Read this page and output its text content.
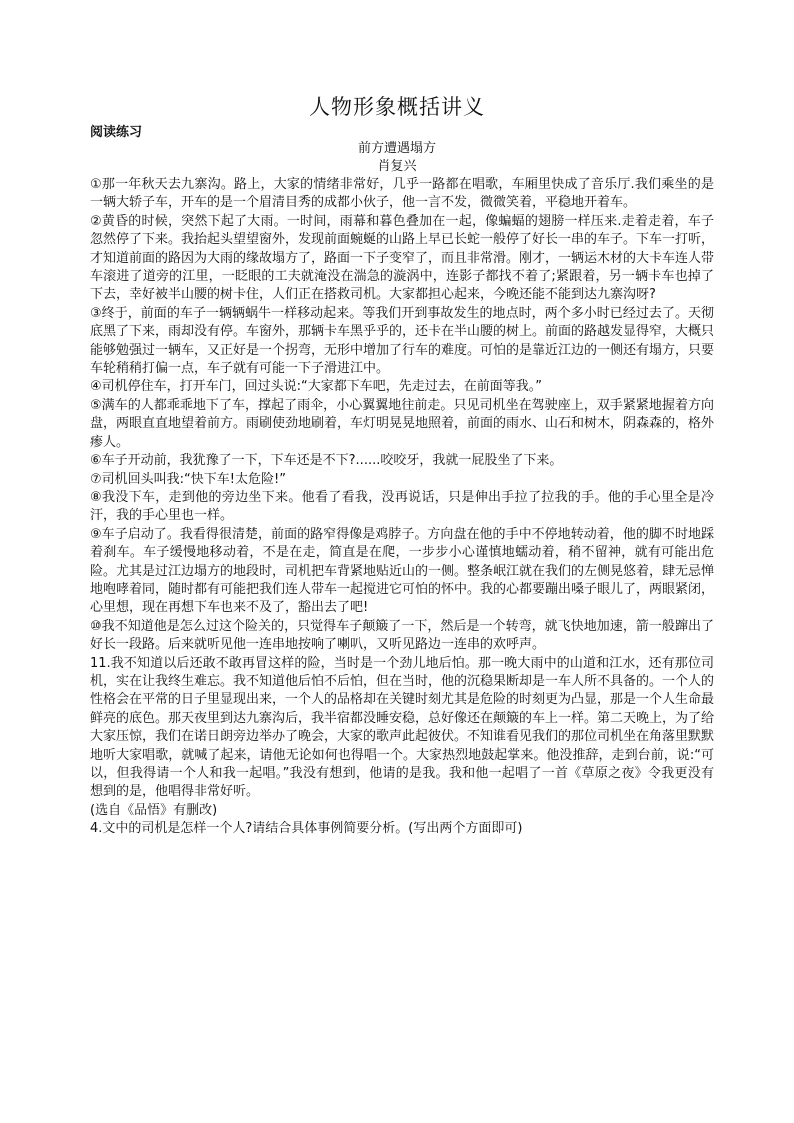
人物形象概括讲义
阅读练习
前方遭遇塌方
肖复兴

①那一年秋天去九寨沟。路上，大家的情绪非常好，几乎一路都在唱歌，车厢里快成了音乐厅.我们乘坐的是一辆大轿子车，开车的是一个眉清目秀的成都小伙子，他一言不发，微微笑着，平稳地开着车。

②黄昏的时候，突然下起了大雨。一时间，雨幕和暮色叠加在一起，像蝙蝠的翅膀一样压来.走着走着，车子忽然停了下来。我抬起头望望窗外，发现前面蜿蜒的山路上早已长蛇一般停了好长一串的车子。下车一打听，才知道前面的路因为大雨的缘故塌方了，路面一下子变窄了，而且非常滑。刚才，一辆运木材的大卡车连人带车滚进了道旁的江里，一眨眼的工夫就淹没在湍急的漩涡中，连影子都找不着了;紧跟着，另一辆卡车也掉了下去，幸好被半山腰的树卡住，人们正在搭救司机。大家都担心起来，今晚还能不能到达九寨沟呀?

③终于，前面的车子一辆辆蜗牛一样移动起来。等我们开到事故发生的地点时，两个多小时已经过去了。天彻底黑了下来，雨却没有停。车窗外，那辆卡车黑乎乎的，还卡在半山腰的树上。前面的路越发显得窄，大概只能够勉强过一辆车，又正好是一个拐弯，无形中增加了行车的难度。可怕的是靠近江边的一侧还有塌方，只要车轮稍稍打偏一点，车子就有可能一下子滑进江中。

④司机停住车，打开车门，回过头说:“大家都下车吧，先走过去，在前面等我。”

⑤满车的人都乖乖地下了车，撑起了雨伞，小心翼翼地往前走。只见司机坐在驾驶座上，双手紧紧地握着方向盘，两眼直直地望着前方。雨刷使劲地刷着，车灯明晃晃地照着，前面的雨水、山石和树木，阴森森的，格外瘆人。

⑥车子开动前，我犹豫了一下，下车还是不下?......咬咬牙，我就一屁股坐了下来。

⑦司机回头叫我:“快下车!太危险!”

⑧我没下车，走到他的旁边坐下来。他看了看我，没再说话，只是伸出手拉了拉我的手。他的手心里全是冷汗，我的手心里也一样。

⑨车子启动了。我看得很清楚，前面的路窄得像是鸡脖子。方向盘在他的手中不停地转动着，他的脚不时地踩着刹车。车子缓慢地移动着，不是在走，简直是在爬，一步步小心谨慎地蠕动着，稍不留神，就有可能出危险。尤其是过江边塌方的地段时，司机把车背紧地贴近山的一侧。整条岷江就在我们的左侧晃悠着，肆无忌惮地咆哮着同，随时都有可能把我们连人带车一起搅进它可怕的怀中。我的心都要蹦出嗓子眼儿了，两眼紧闭，心里想，现在再想下车也来不及了，豁出去了吧!

⑩我不知道他是怎么过这个险关的，只觉得车子颠簸了一下，然后是一个转弯，就飞快地加速，箭一般蹿出了好长一段路。后来就听见他一连串地按响了喇叭，又听见路边一连串的欢呼声。

11.我不知道以后还敢不敢再冒这样的险，当时是一个劲儿地后怕。那一晚大雨中的山道和江水，还有那位司机，实在让我终生难忘。我不知道他后怕不后怕，但在当时，他的沉稳果断却是一车人所不具备的。一个人的性格会在平常的日子里显现出来，一个人的品格却在关键时刻尤其是危险的时刻更为凸显，那是一个人生命最鲜亮的底色。那天夜里到达九寨沟后，我半宿都没睡安稳，总好像还在颠簸的车上一样。第二天晚上，为了给大家压惊，我们在诺日朗旁边举办了晚会，大家的歌声此起彼伏。不知谁看见我们的那位司机坐在角落里默默地听大家唱歌，就喊了起来，请他无论如何也得唱一个。大家热烈地鼓起掌来。他没推辞，走到台前，说:“可以，但我得请一个人和我一起唱。”我没有想到，他请的是我。我和他一起唱了一首《草原之夜》令我更没有想到的是，他唱得非常好听。

(选自《品悟》有删改)

4.文中的司机是怎样一个人?请结合具体事例简要分析。(写出两个方面即可)
